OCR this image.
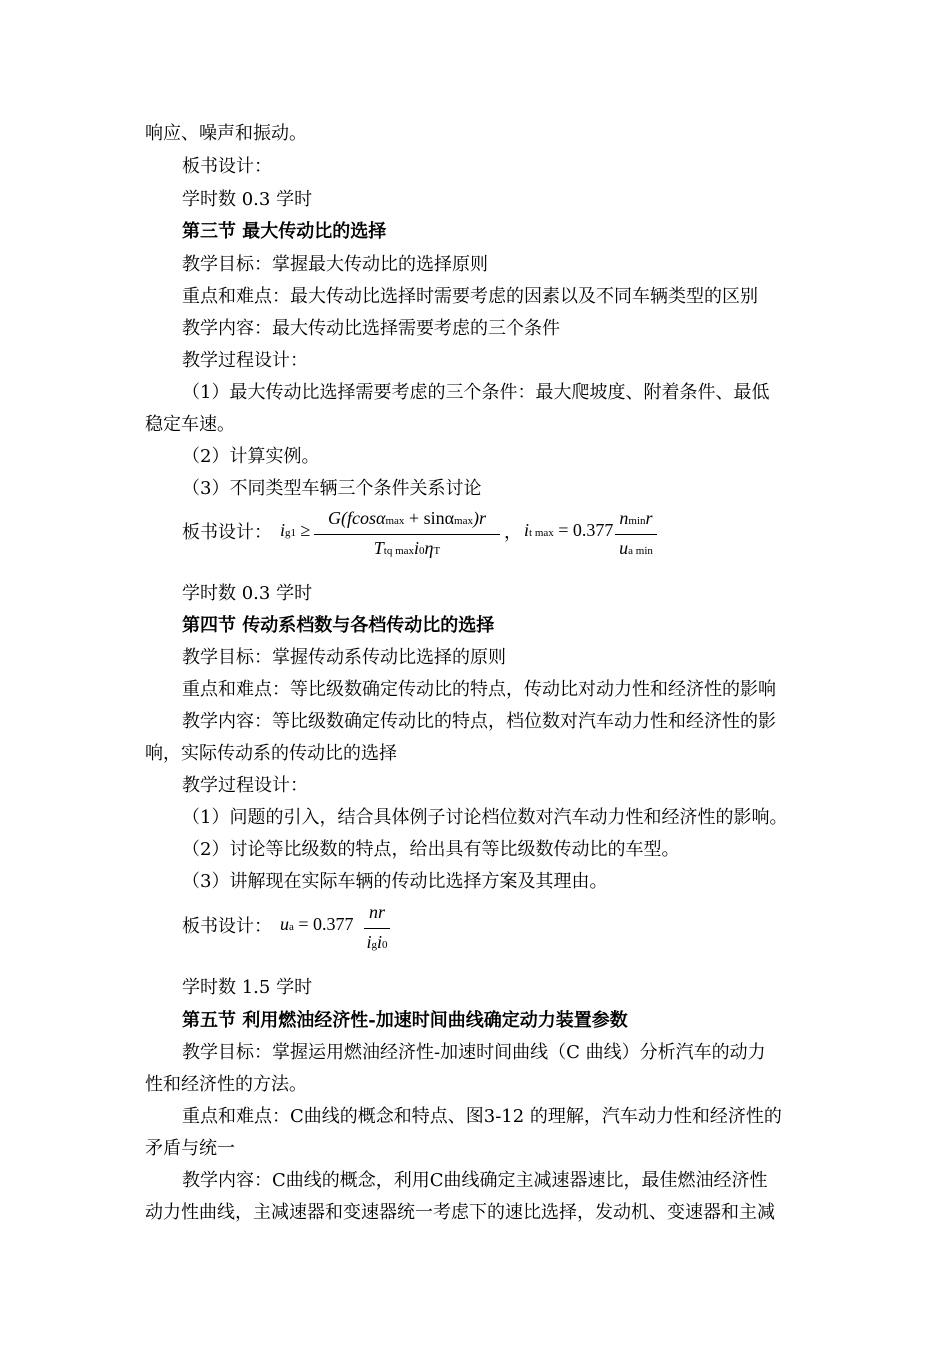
响应、噪声和振动。
板书设计：
学时数 0.3 学时
第三节 最大传动比的选择
教学目标：掌握最大传动比的选择原则
重点和难点：最大传动比选择时需要考虑的因素以及不同车辆类型的区别
教学内容：最大传动比选择需要考虑的三个条件
教学过程设计：
（1）最大传动比选择需要考虑的三个条件：最大爬坡度、附着条件、最低
稳定车速。
（2）计算实例。
（3）不同类型车辆三个条件关系讨论
板书设计： ig1 ≥
G(fcosαmax + sinαmax)r
Ttq maxi0ηT
， it max = 0.377
nminr
ua min
学时数 0.3 学时
第四节 传动系档数与各档传动比的选择
教学目标：掌握传动系传动比选择的原则
重点和难点：等比级数确定传动比的特点，传动比对动力性和经济性的影响
教学内容：等比级数确定传动比的特点，档位数对汽车动力性和经济性的影
响，实际传动系的传动比的选择
教学过程设计：
（1）问题的引入，结合具体例子讨论档位数对汽车动力性和经济性的影响。
（2）讨论等比级数的特点，给出具有等比级数传动比的车型。
（3）讲解现在实际车辆的传动比选择方案及其理由。
板书设计： ua = 0.377
nr
igi0
学时数 1.5 学时
第五节 利用燃油经济性-加速时间曲线确定动力装置参数
教学目标：掌握运用燃油经济性-加速时间曲线（C 曲线）分析汽车的动力
性和经济性的方法。
重点和难点：C曲线的概念和特点、图3-12 的理解，汽车动力性和经济性的
矛盾与统一
教学内容：C曲线的概念，利用C曲线确定主减速器速比，最佳燃油经济性
动力性曲线，主减速器和变速器统一考虑下的速比选择，发动机、变速器和主减
